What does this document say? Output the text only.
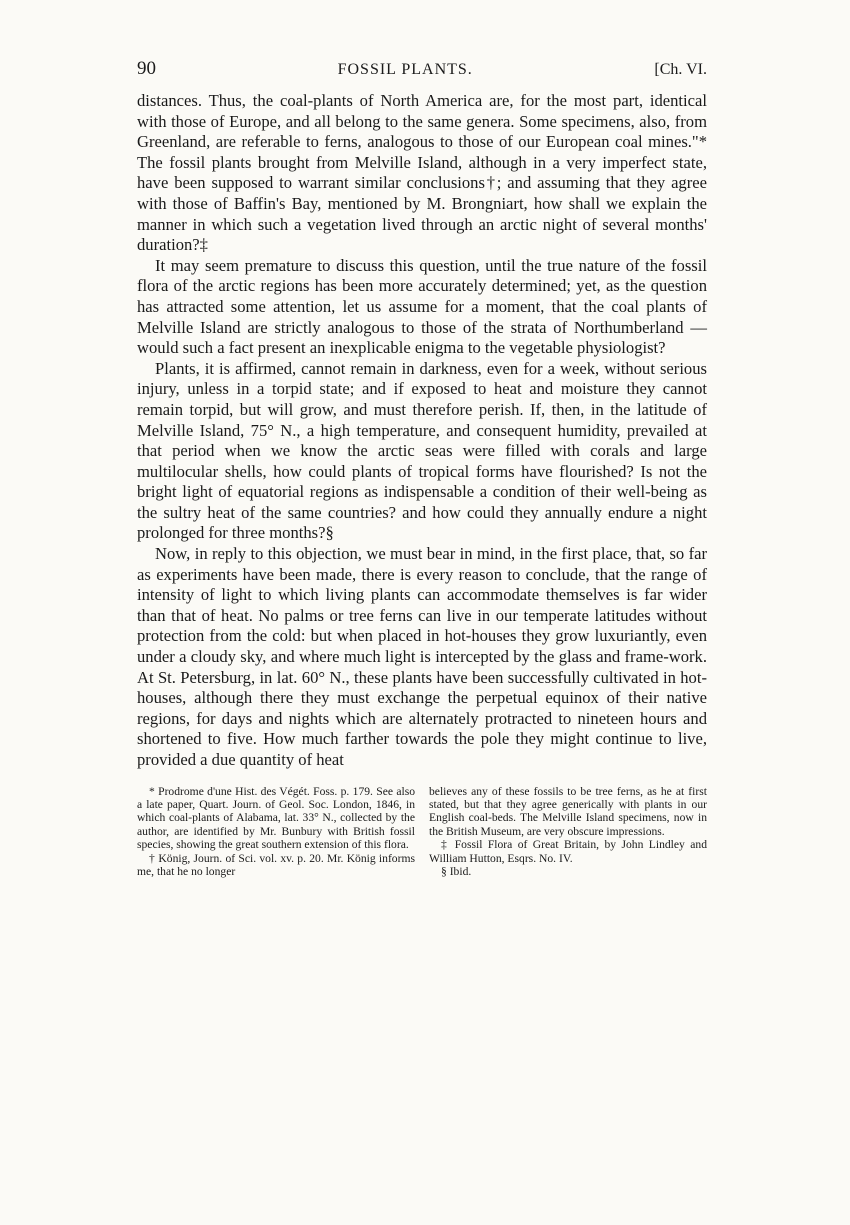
90	FOSSIL PLANTS.	[Ch. VI.

distances. Thus, the coal-plants of North America are, for the most part, identical with those of Europe, and all belong to the same genera. Some specimens, also, from Greenland, are referable to ferns, analogous to those of our European coal mines."* The fossil plants brought from Melville Island, although in a very imperfect state, have been supposed to warrant similar conclusions†; and assuming that they agree with those of Baffin's Bay, mentioned by M. Brongniart, how shall we explain the manner in which such a vegetation lived through an arctic night of several months' duration?‡

It may seem premature to discuss this question, until the true nature of the fossil flora of the arctic regions has been more accurately determined; yet, as the question has attracted some attention, let us assume for a moment, that the coal plants of Melville Island are strictly analogous to those of the strata of Northumberland — would such a fact present an inexplicable enigma to the vegetable physiologist?

Plants, it is affirmed, cannot remain in darkness, even for a week, without serious injury, unless in a torpid state; and if exposed to heat and moisture they cannot remain torpid, but will grow, and must therefore perish. If, then, in the latitude of Melville Island, 75° N., a high temperature, and consequent humidity, prevailed at that period when we know the arctic seas were filled with corals and large multilocular shells, how could plants of tropical forms have flourished? Is not the bright light of equatorial regions as indispensable a condition of their well-being as the sultry heat of the same countries? and how could they annually endure a night prolonged for three months?§

Now, in reply to this objection, we must bear in mind, in the first place, that, so far as experiments have been made, there is every reason to conclude, that the range of intensity of light to which living plants can accommodate themselves is far wider than that of heat. No palms or tree ferns can live in our temperate latitudes without protection from the cold: but when placed in hot-houses they grow luxuriantly, even under a cloudy sky, and where much light is intercepted by the glass and frame-work. At St. Petersburg, in lat. 60° N., these plants have been successfully cultivated in hot-houses, although there they must exchange the perpetual equinox of their native regions, for days and nights which are alternately protracted to nineteen hours and shortened to five. How much farther towards the pole they might continue to live, provided a due quantity of heat

* Prodrome d'une Hist. des Végét. Foss. p. 179. See also a late paper, Quart. Journ. of Geol. Soc. London, 1846, in which coal-plants of Alabama, lat. 33° N., collected by the author, are identified by Mr. Bunbury with British fossil species, showing the great southern extension of this flora.

† König, Journ. of Sci. vol. xv. p. 20. Mr. König informs me, that he no longer

believes any of these fossils to be tree ferns, as he at first stated, but that they agree generically with plants in our English coal-beds. The Melville Island specimens, now in the British Museum, are very obscure impressions.

‡ Fossil Flora of Great Britain, by John Lindley and William Hutton, Esqrs. No. IV.

§ Ibid.
